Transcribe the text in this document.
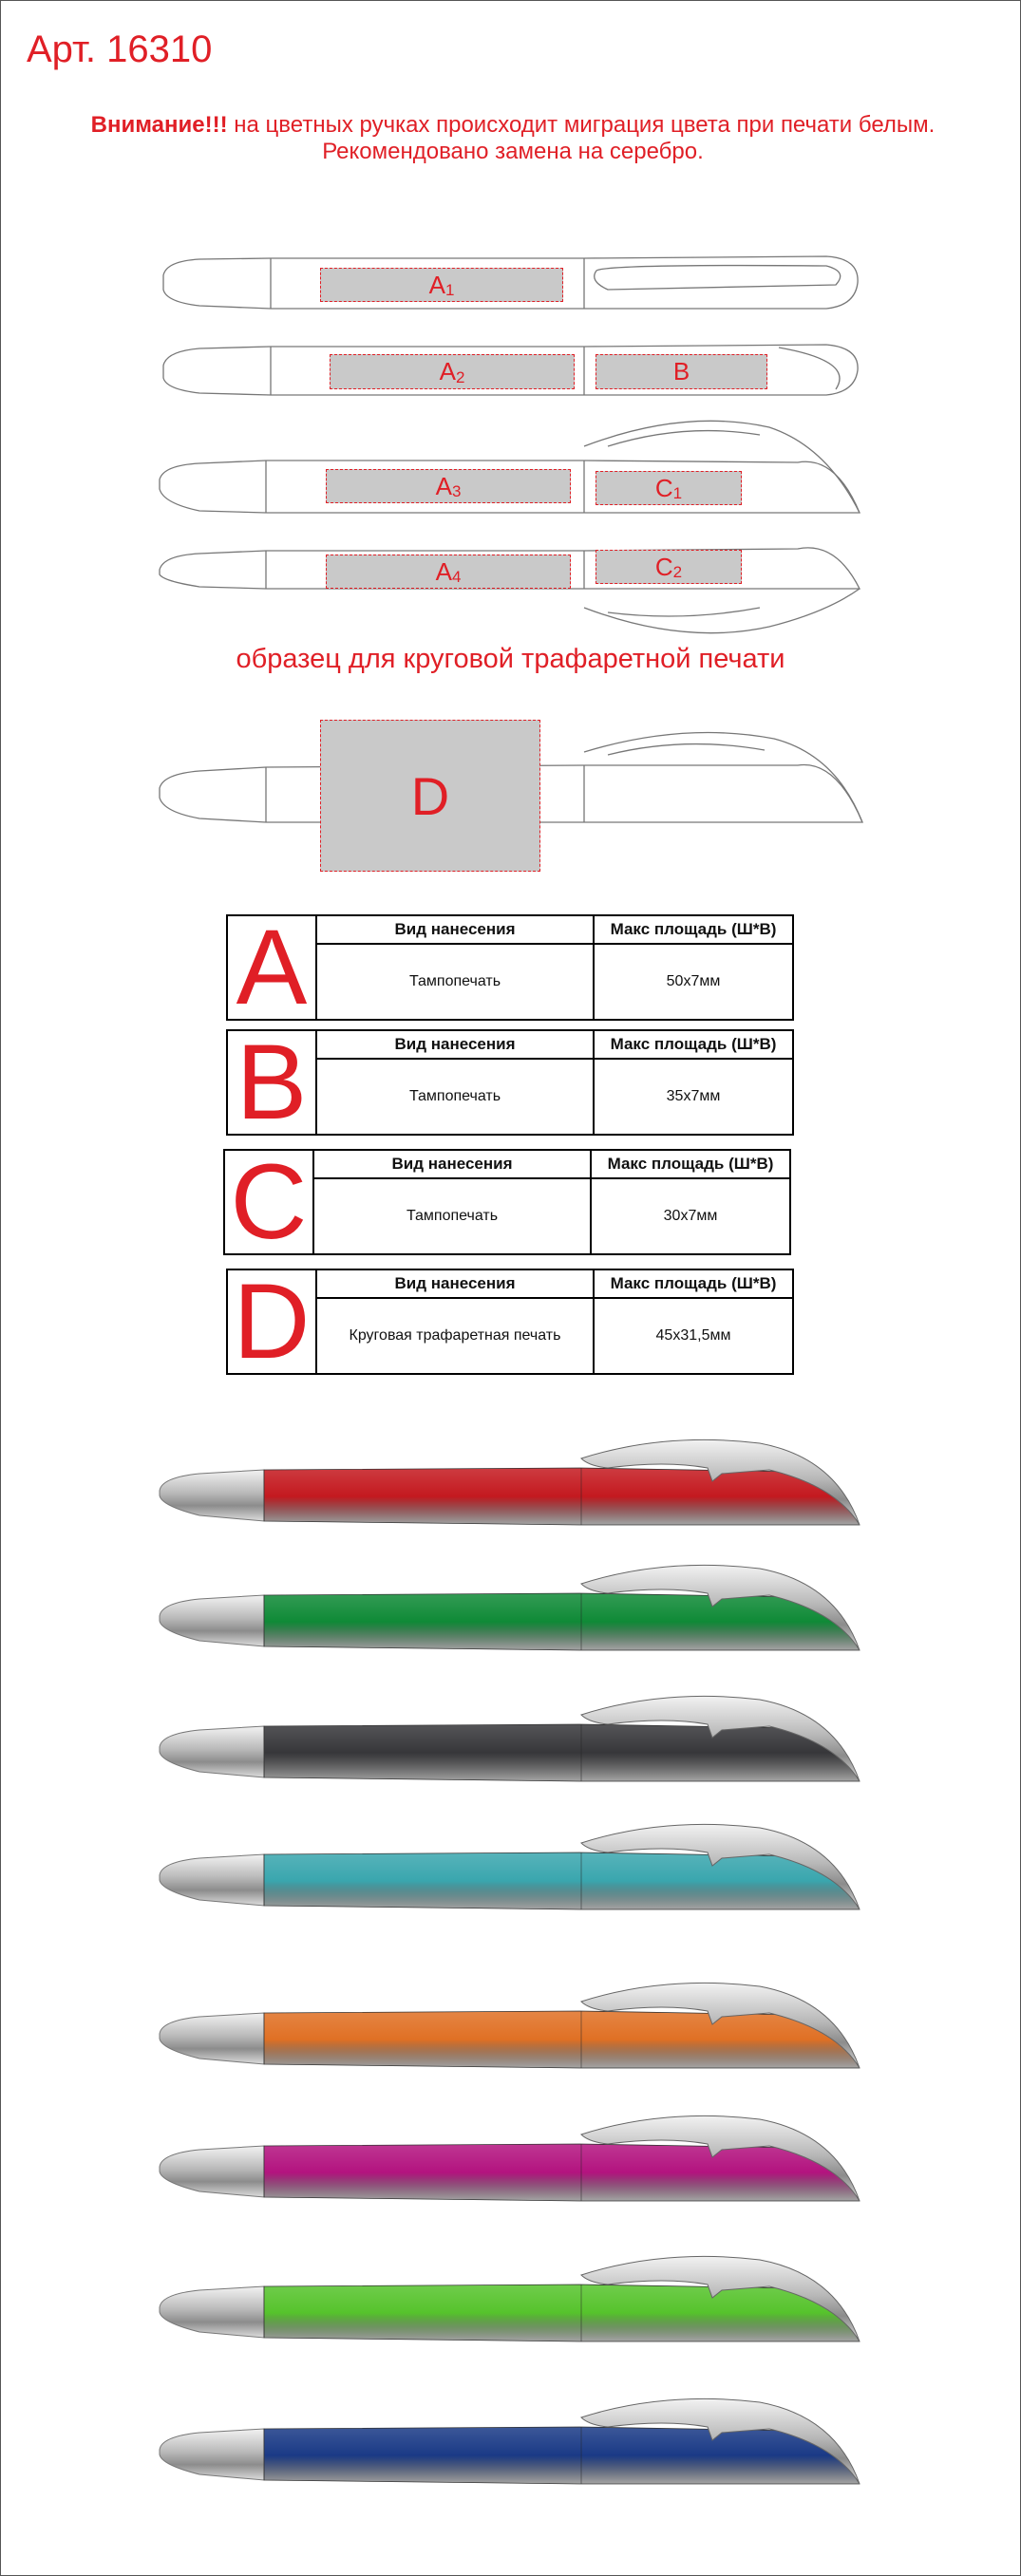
Арт. 16310
Внимание!!! на цветных ручках происходит миграция цвета при печати белым.
Рекомендовано замена на серебро.
$A_1$
$A_2$	B
$A_3$	$C_1$
$A_4$	$C_2$
образец для круговой трафаретной печати
D
A	Вид нанесения	Макс площадь (Ш*В)
Тампопечать	50x7мм
B	Вид нанесения	Макс площадь (Ш*В)
Тампопечать	35x7мм
C	Вид нанесения	Макс площадь (Ш*В)
Тампопечать	30x7мм
D	Вид нанесения	Макс площадь (Ш*В)
Круговая трафаретная печать	45x31,5мм
